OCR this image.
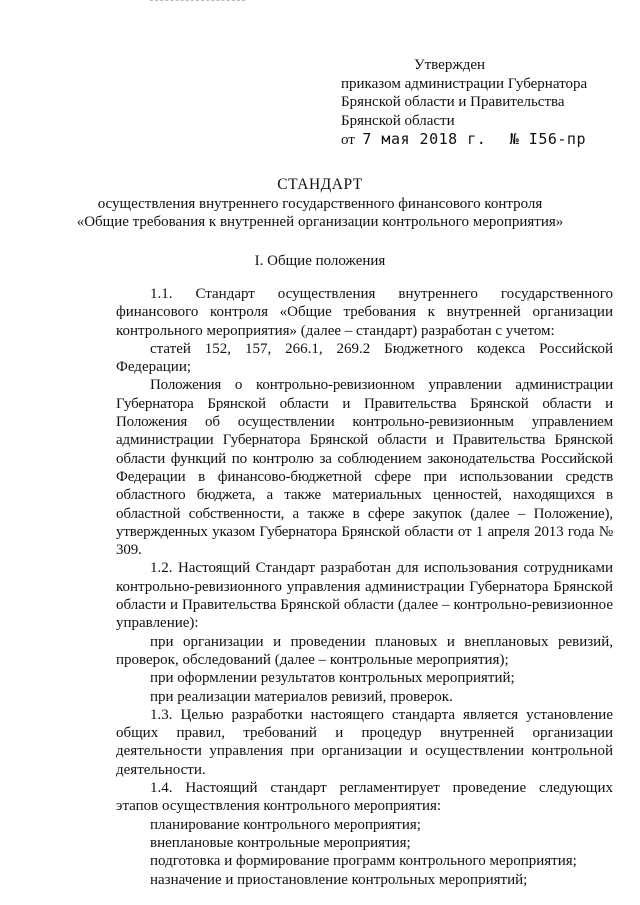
Утвержден
приказом администрации Губернатора
Брянской области и Правительства
Брянской области
от 7 мая 2018 г. № I56-пр
СТАНДАРТ
осуществления внутреннего государственного финансового контроля
«Общие требования к внутренней организации контрольного мероприятия»
I. Общие положения

1.1. Стандарт осуществления внутреннего государственного финансового контроля «Общие требования к внутренней организации контрольного мероприятия» (далее – стандарт) разработан с учетом:

статей 152, 157, 266.1, 269.2 Бюджетного кодекса Российской Федерации;

Положения о контрольно-ревизионном управлении администрации Губернатора Брянской области и Правительства Брянской области и Положения об осуществлении контрольно-ревизионным управлением администрации Губернатора Брянской области и Правительства Брянской области функций по контролю за соблюдением законодательства Российской Федерации в финансово-бюджетной сфере при использовании средств областного бюджета, а также материальных ценностей, находящихся в областной собственности, а также в сфере закупок (далее – Положение), утвержденных указом Губернатора Брянской области от 1 апреля 2013 года № 309.

1.2. Настоящий Стандарт разработан для использования сотрудниками контрольно-ревизионного управления администрации Губернатора Брянской области и Правительства Брянской области (далее – контрольно-ревизионное управление):

при организации и проведении плановых и внеплановых ревизий, проверок, обследований (далее – контрольные мероприятия);

при оформлении результатов контрольных мероприятий;

при реализации материалов ревизий, проверок.

1.3. Целью разработки настоящего стандарта является установление общих правил, требований и процедур внутренней организации деятельности управления при организации и осуществлении контрольной деятельности.

1.4. Настоящий стандарт регламентирует проведение следующих этапов осуществления контрольного мероприятия:

планирование контрольного мероприятия;

внеплановые контрольные мероприятия;

подготовка и формирование программ контрольного мероприятия;

назначение и приостановление контрольных мероприятий;
